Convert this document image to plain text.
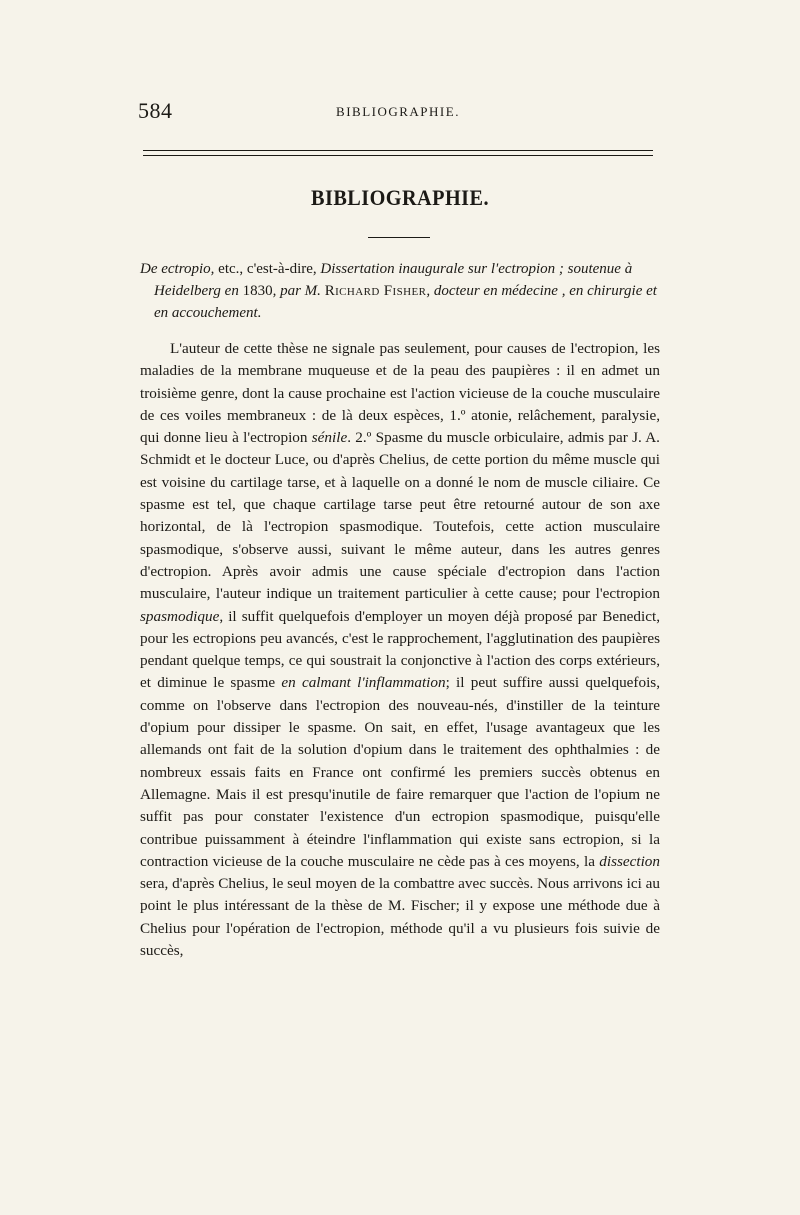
584	BIBLIOGRAPHIE.
BIBLIOGRAPHIE.

De ectropio, etc., c'est-à-dire, Dissertation inaugurale sur l'ectropion ; soutenue à Heidelberg en 1830, par M. Richard Fisher, docteur en médecine , en chirurgie et en accouchement.

L'auteur de cette thèse ne signale pas seulement, pour causes de l'ectropion, les maladies de la membrane muqueuse et de la peau des paupières : il en admet un troisième genre, dont la cause prochaine est l'action vicieuse de la couche musculaire de ces voiles membraneux : de là deux espèces, 1.º atonie, relâchement, paralysie, qui donne lieu à l'ectropion sénile. 2.º Spasme du muscle orbiculaire, admis par J. A. Schmidt et le docteur Luce, ou d'après Chelius, de cette portion du même muscle qui est voisine du cartilage tarse, et à laquelle on a donné le nom de muscle ciliaire. Ce spasme est tel, que chaque cartilage tarse peut être retourné autour de son axe horizontal, de là l'ectropion spasmodique. Toutefois, cette action musculaire spasmodique, s'observe aussi, suivant le même auteur, dans les autres genres d'ectropion. Après avoir admis une cause spéciale d'ectropion dans l'action musculaire, l'auteur indique un traitement particulier à cette cause; pour l'ectropion spasmodique, il suffit quelquefois d'employer un moyen déjà proposé par Benedict, pour les ectropions peu avancés, c'est le rapprochement, l'agglutination des paupières pendant quelque temps, ce qui soustrait la conjonctive à l'action des corps extérieurs, et diminue le spasme en calmant l'inflammation; il peut suffire aussi quelquefois, comme on l'observe dans l'ectropion des nouveau-nés, d'instiller de la teinture d'opium pour dissiper le spasme. On sait, en effet, l'usage avantageux que les allemands ont fait de la solution d'opium dans le traitement des ophthalmies : de nombreux essais faits en France ont confirmé les premiers succès obtenus en Allemagne. Mais il est presqu'inutile de faire remarquer que l'action de l'opium ne suffit pas pour constater l'existence d'un ectropion spasmodique, puisqu'elle contribue puissamment à éteindre l'inflammation qui existe sans ectropion, si la contraction vicieuse de la couche musculaire ne cède pas à ces moyens, la dissection sera, d'après Chelius, le seul moyen de la combattre avec succès. Nous arrivons ici au point le plus intéressant de la thèse de M. Fischer; il y expose une méthode due à Chelius pour l'opération de l'ectropion, méthode qu'il a vu plusieurs fois suivie de succès,
